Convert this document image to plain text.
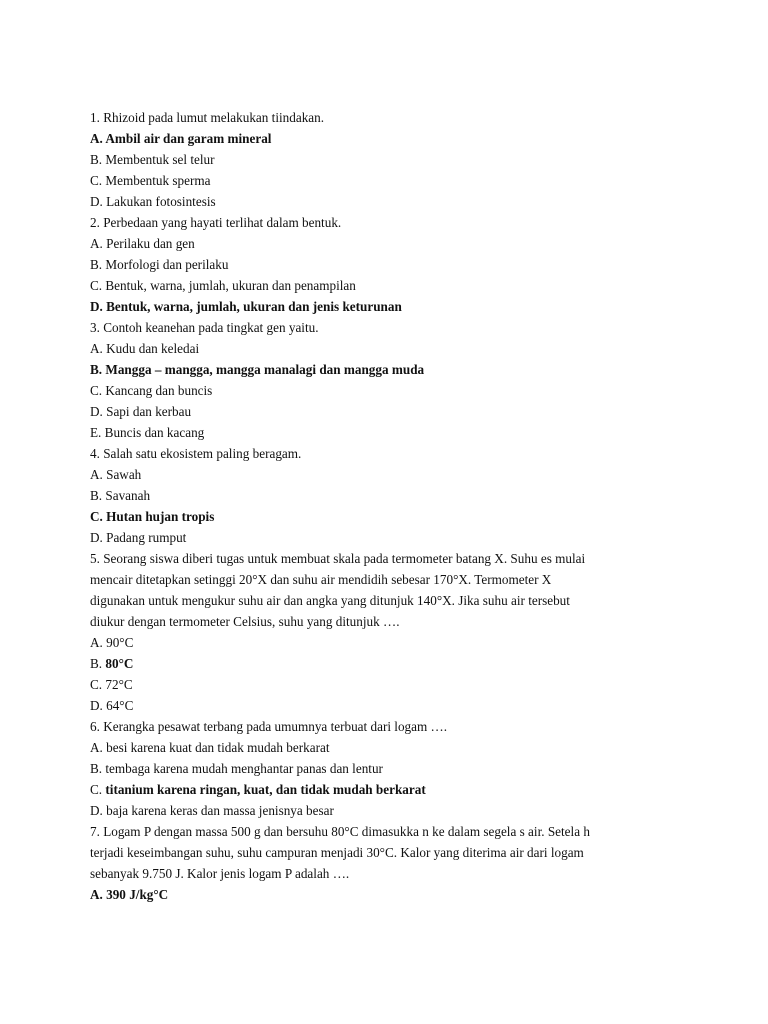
1. Rhizoid pada lumut melakukan tiindakan.
A. Ambil air dan garam mineral
B. Membentuk sel telur
C. Membentuk sperma
D. Lakukan fotosintesis
2. Perbedaan yang hayati terlihat dalam bentuk.
A. Perilaku dan gen
B. Morfologi dan perilaku
C. Bentuk, warna, jumlah, ukuran dan penampilan
D. Bentuk, warna, jumlah, ukuran dan jenis keturunan
3. Contoh keanehan pada tingkat gen yaitu.
A. Kudu dan keledai
B. Mangga – mangga, mangga manalagi dan mangga muda
C. Kancang dan buncis
D. Sapi dan kerbau
E. Buncis dan kacang
4. Salah satu ekosistem paling beragam.
A. Sawah
B. Savanah
C. Hutan hujan tropis
D. Padang rumput
5. Seorang siswa diberi tugas untuk membuat skala pada termometer batang X. Suhu es mulai
mencair ditetapkan setinggi 20°X dan suhu air mendidih sebesar 170°X. Termometer X
digunakan untuk mengukur suhu air dan angka yang ditunjuk 140°X. Jika suhu air tersebut
diukur dengan termometer Celsius, suhu yang ditunjuk ….
A. 90°C
B. 80°C
C. 72°C
D. 64°C
6. Kerangka pesawat terbang pada umumnya terbuat dari logam ….
A. besi karena kuat dan tidak mudah berkarat
B. tembaga karena mudah menghantar panas dan lentur
C. titanium karena ringan, kuat, dan tidak mudah berkarat
D. baja karena keras dan massa jenisnya besar
7. Logam P dengan massa 500 g dan bersuhu 80°C dimasukka n ke dalam segela s air. Setela h
terjadi keseimbangan suhu, suhu campuran menjadi 30°C. Kalor yang diterima air dari logam
sebanyak 9.750 J. Kalor jenis logam P adalah ….
A. 390 J/kg°C
